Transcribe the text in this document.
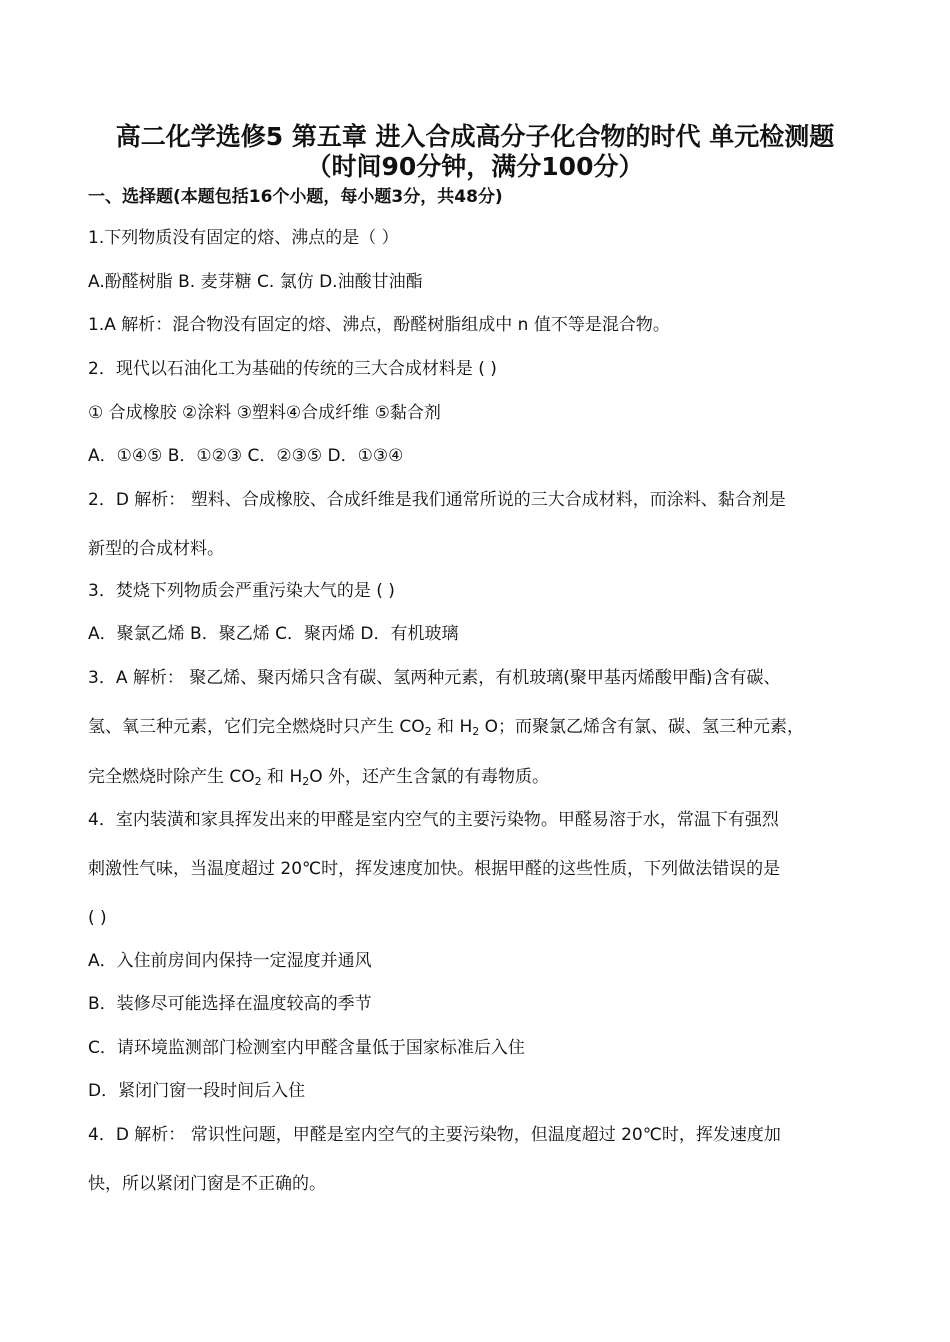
高二化学选修5 第五章 进入合成高分子化合物的时代 单元检测题
（时间90分钟，满分100分）
一、选择题(本题包括16个小题，每小题3分，共48分)
1.下列物质没有固定的熔、沸点的是（ ）
A.酚醛树脂 B. 麦芽糖 C. 氯仿 D.油酸甘油酯
1.A 解析：混合物没有固定的熔、沸点，酚醛树脂组成中 n 值不等是混合物。
2．现代以石油化工为基础的传统的三大合成材料是 ( )
① 合成橡胶 ②涂料 ③塑料④合成纤维 ⑤黏合剂
A．①④⑤ B．①②③ C．②③⑤ D．①③④
2．D 解析： 塑料、合成橡胶、合成纤维是我们通常所说的三大合成材料，而涂料、黏合剂是
新型的合成材料。
3．焚烧下列物质会严重污染大气的是 ( )
A．聚氯乙烯 B．聚乙烯 C．聚丙烯 D．有机玻璃
3．A 解析： 聚乙烯、聚丙烯只含有碳、氢两种元素，有机玻璃(聚甲基丙烯酸甲酯)含有碳、
氢、氧三种元素，它们完全燃烧时只产生 $CO_2$ 和 $H_2$ O；而聚氯乙烯含有氯、碳、氢三种元素，
完全燃烧时除产生 $CO_2$ 和 $H_2O$ 外，还产生含氯的有毒物质。
4．室内装潢和家具挥发出来的甲醛是室内空气的主要污染物。甲醛易溶于水，常温下有强烈
刺激性气味，当温度超过 20℃时，挥发速度加快。根据甲醛的这些性质，下列做法错误的是
( )
A．入住前房间内保持一定湿度并通风
B．装修尽可能选择在温度较高的季节
C．请环境监测部门检测室内甲醛含量低于国家标准后入住
D．紧闭门窗一段时间后入住
4．D 解析： 常识性问题，甲醛是室内空气的主要污染物，但温度超过 20℃时，挥发速度加
快，所以紧闭门窗是不正确的。
